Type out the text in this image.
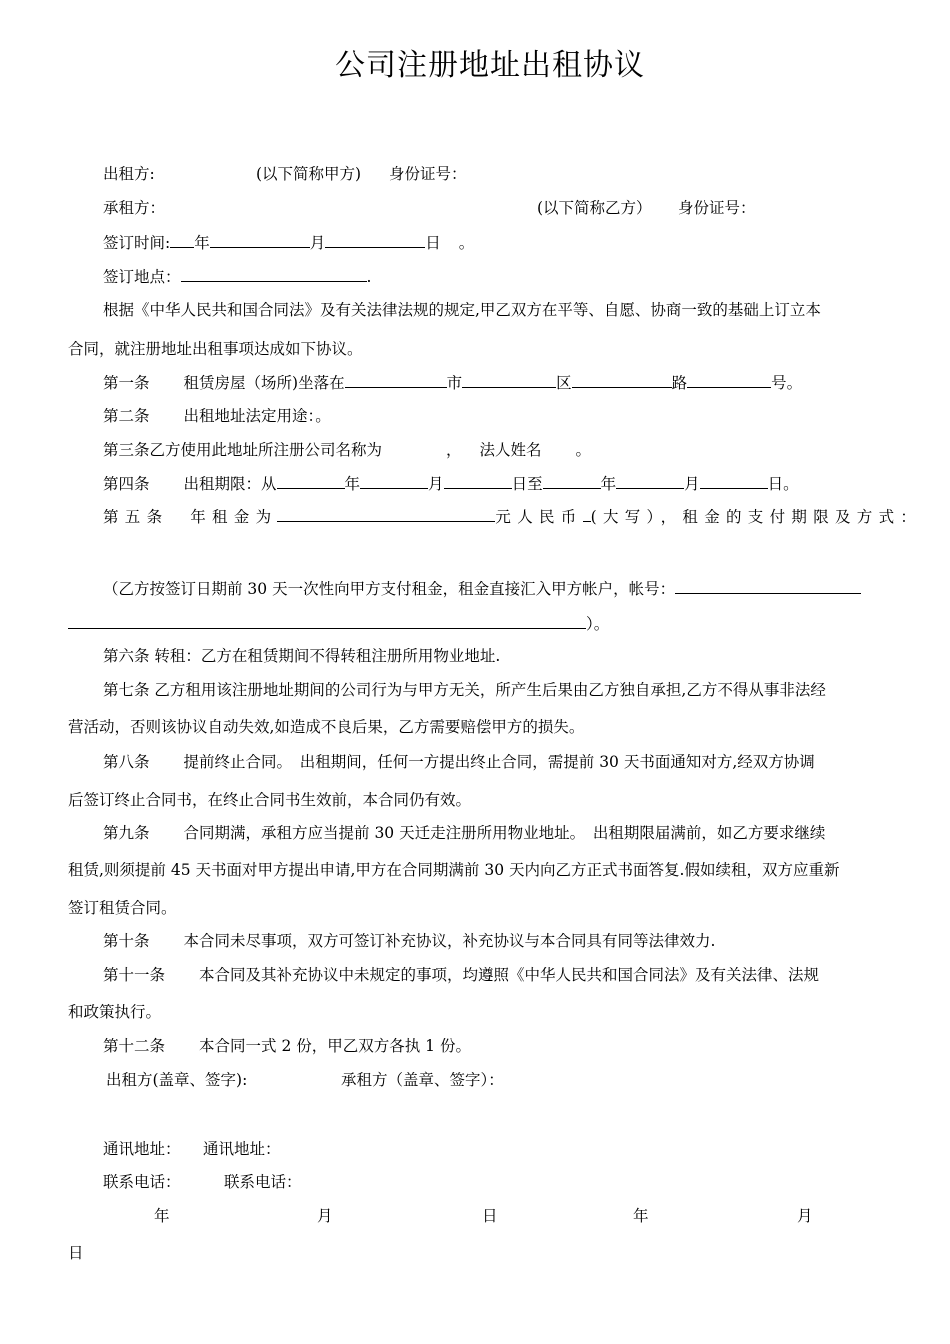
公司注册地址出租协议
出租方:	(以下简称甲方) 身份证号：
承租方：	(以下简称乙方） 身份证号：
签订时间: 年	月	日 。
签订地点：	.
根据《中华人民共和国合同法》及有关法律法规的规定,甲乙双方在平等、自愿、协商一致的基础上订立本
合同，就注册地址出租事项达成如下协议。
第一条 租赁房屋（场所)坐落在	市	区	路	号。
第二条 出租地址法定用途：。
第三条乙方使用此地址所注册公司名称为	， 法人姓名 。
第四条 出租期限：从	年	月	日至	年	月	日。
第五条　年租金为	元人民币 (大写），租金的支付期限及方式：
（乙方按签订日期前 30 天一次性向甲方支付租金，租金直接汇入甲方帐户，帐号：
）。
第六条 转租：乙方在租赁期间不得转租注册所用物业地址.
第七条 乙方租用该注册地址期间的公司行为与甲方无关，所产生后果由乙方独自承担,乙方不得从事非法经
营活动，否则该协议自动失效,如造成不良后果，乙方需要赔偿甲方的损失。
第八条 提前终止合同。　出租期间，任何一方提出终止合同，需提前 30 天书面通知对方,经双方协调
后签订终止合同书，在终止合同书生效前，本合同仍有效。
第九条 合同期满，承租方应当提前 30 天迁走注册所用物业地址。　出租期限届满前，如乙方要求继续
租赁,则须提前 45 天书面对甲方提出申请,甲方在合同期满前 30 天内向乙方正式书面答复.假如续租，双方应重新
签订租赁合同。
第十条 本合同未尽事项，双方可签订补充协议，补充协议与本合同具有同等法律效力.
第十一条 本合同及其补充协议中未规定的事项，均遵照《中华人民共和国合同法》及有关法律、法规
和政策执行。
第十二条 本合同一式 2 份，甲乙双方各执 1 份。
出租方(盖章、签字):	承租方（盖章、签字）：
通讯地址： 通讯地址：
联系电话：	联系电话：
年	月	日	年	月
日
